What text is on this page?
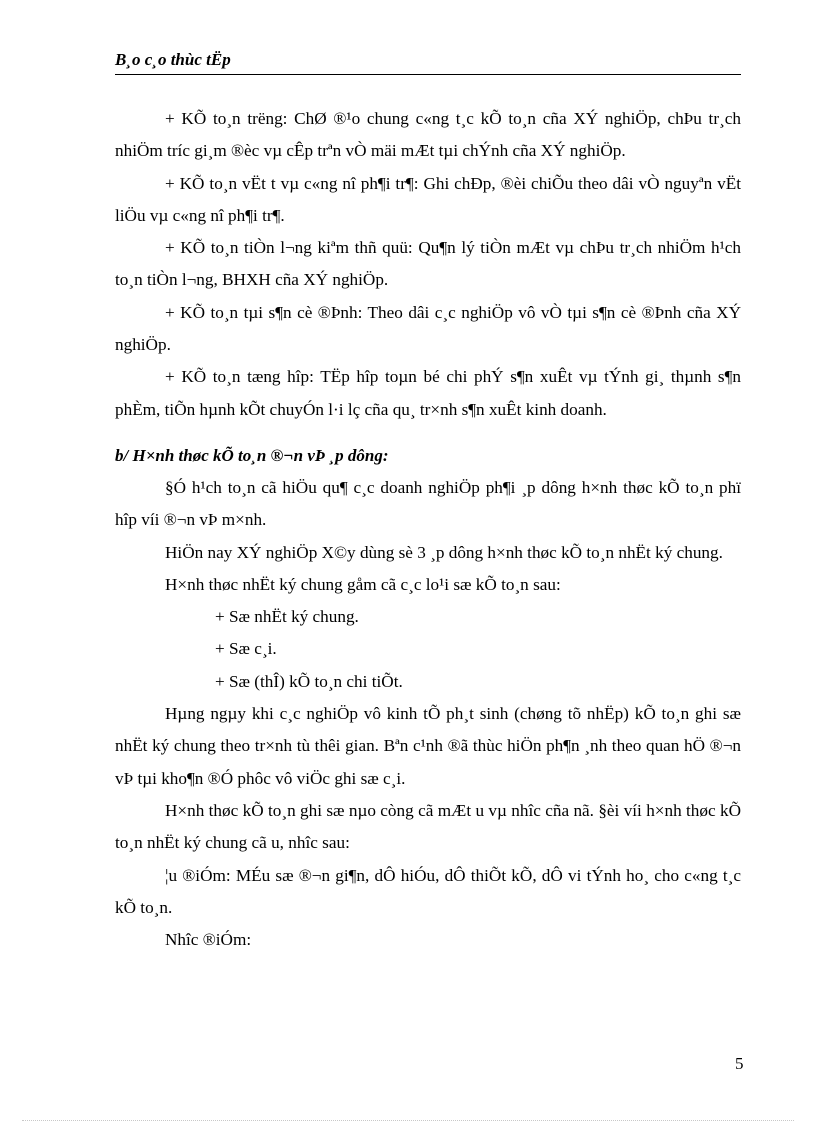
B¸o c¸o thùc tËp

+ KÕ to¸n trëng: ChØ ®¹o chung c«ng t¸c kÕ to¸n cña XÝ nghiÖp, chÞu tr¸ch nhiÖm tríc gi¸m ®èc vµ cÊp trªn vÒ mäi mÆt tµi chÝnh cña XÝ nghiÖp.

+ KÕ to¸n vËt t vµ c«ng nî ph¶i tr¶: Ghi chÐp, ®èi chiÕu theo dâi vÒ nguyªn vËt liÖu vµ c«ng nî ph¶i tr¶.

+ KÕ to¸n tiÒn l¬ng kiªm thñ quü: Qu¶n lý tiÒn mÆt vµ chÞu tr¸ch nhiÖm h¹ch to¸n tiÒn l¬ng, BHXH cña XÝ nghiÖp.

+ KÕ to¸n tµi s¶n cè ®Þnh: Theo dâi c¸c nghiÖp vô vÒ tµi s¶n cè ®Þnh cña XÝ nghiÖp.

+ KÕ to¸n tæng hîp: TËp hîp toµn bé chi phÝ s¶n xuÊt vµ tÝnh gi¸ thµnh s¶n phÈm, tiÕn hµnh kÕt chuyÓn l·i lç cña qu¸ tr×nh s¶n xuÊt kinh doanh.

b/ H×nh thøc kÕ to¸n ®¬n vÞ ¸p dông:

§Ó h¹ch to¸n cã hiÖu qu¶ c¸c doanh nghiÖp ph¶i ¸p dông h×nh thøc kÕ to¸n phï hîp víi ®¬n vÞ m×nh.

HiÖn nay XÝ nghiÖp X©y dùng sè 3 ¸p dông h×nh thøc kÕ to¸n nhËt ký chung.

H×nh thøc nhËt ký chung gåm cã c¸c lo¹i sæ kÕ to¸n sau:

+ Sæ nhËt ký chung.

+ Sæ c¸i.

+ Sæ (thÎ) kÕ to¸n chi tiÕt.

Hµng ngµy khi c¸c nghiÖp vô kinh tÕ ph¸t sinh (chøng tõ nhËp) kÕ to¸n ghi sæ nhËt ký chung theo tr×nh tù thêi gian. Bªn c¹nh ®ã thùc hiÖn ph¶n ¸nh theo quan hÖ ®¬n vÞ tµi kho¶n ®Ó phôc vô viÖc ghi sæ c¸i.

H×nh thøc kÕ to¸n ghi sæ nµo còng cã mÆt u vµ nhîc cña nã. §èi víi h×nh thøc kÕ to¸n nhËt ký chung cã u, nhîc sau:

¦u ®iÓm: MÉu sæ ®¬n gi¶n, dÔ hiÓu, dÔ thiÕt kÕ, dÔ vi tÝnh ho¸ cho c«ng t¸c kÕ to¸n.

Nhîc ®iÓm:

5
